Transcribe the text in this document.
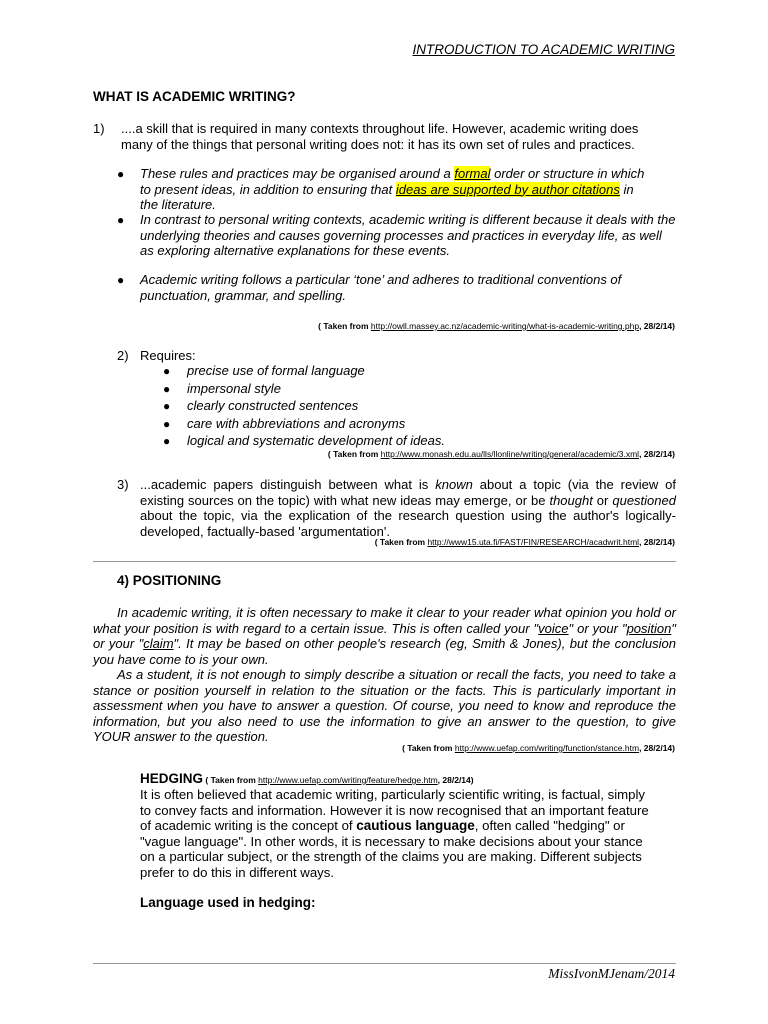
INTRODUCTION TO ACADEMIC WRITING
WHAT IS ACADEMIC WRITING?
1) ....a skill that is required in many contexts throughout life. However, academic writing does many of the things that personal writing does not: it has its own set of rules and practices.
● These rules and practices may be organised around a formal order or structure in which to present ideas, in addition to ensuring that ideas are supported by author citations in the literature.
● In contrast to personal writing contexts, academic writing is different because it deals with the underlying theories and causes governing processes and practices in everyday life, as well as exploring alternative explanations for these events.
● Academic writing follows a particular ‘tone’ and adheres to traditional conventions of punctuation, grammar, and spelling.
( Taken from http://owll.massey.ac.nz/academic-writing/what-is-academic-writing.php, 28/2/14)
2) Requires:
● precise use of formal language
● impersonal style
● clearly constructed sentences
● care with abbreviations and acronyms
● logical and systematic development of ideas.
( Taken from http://www.monash.edu.au/lls/llonline/writing/general/academic/3.xml, 28/2/14)
3) ...academic papers distinguish between what is known about a topic (via the review of existing sources on the topic) with what new ideas may emerge, or be thought or questioned about the topic, via the explication of the research question using the author's logically-developed, factually-based 'argumentation'.
( Taken from http://www15.uta.fi/FAST/FIN/RESEARCH/acadwrit.html, 28/2/14)
4) POSITIONING
In academic writing, it is often necessary to make it clear to your reader what opinion you hold or what your position is with regard to a certain issue. This is often called your "voice" or your "position" or your "claim". It may be based on other people's research (eg, Smith & Jones), but the conclusion you have come to is your own.
As a student, it is not enough to simply describe a situation or recall the facts, you need to take a stance or position yourself in relation to the situation or the facts. This is particularly important in assessment when you have to answer a question. Of course, you need to know and reproduce the information, but you also need to use the information to give an answer to the question, to give YOUR answer to the question.
( Taken from http://www.uefap.com/writing/function/stance.htm, 28/2/14)
HEDGING ( Taken from http://www.uefap.com/writing/feature/hedge.htm, 28/2/14)
It is often believed that academic writing, particularly scientific writing, is factual, simply to convey facts and information. However it is now recognised that an important feature of academic writing is the concept of cautious language, often called "hedging" or "vague language". In other words, it is necessary to make decisions about your stance on a particular subject, or the strength of the claims you are making. Different subjects prefer to do this in different ways.
Language used in hedging:
MissIvonMJenam/2014
